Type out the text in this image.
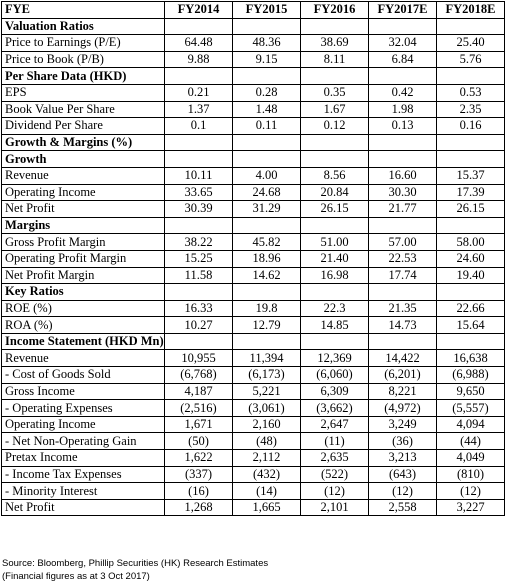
FYE	FY2014	FY2015	FY2016	FY2017E	FY2018E
Valuation Ratios					
Price to Earnings (P/E)	64.48	48.36	38.69	32.04	25.40
Price to Book (P/B)	9.88	9.15	8.11	6.84	5.76
Per Share Data (HKD)					
EPS	0.21	0.28	0.35	0.42	0.53
Book Value Per Share	1.37	1.48	1.67	1.98	2.35
Dividend Per Share	0.1	0.11	0.12	0.13	0.16
Growth & Margins (%)					
Growth					
Revenue	10.11	4.00	8.56	16.60	15.37
Operating Income	33.65	24.68	20.84	30.30	17.39
Net Profit	30.39	31.29	26.15	21.77	26.15
Margins					
Gross Profit Margin	38.22	45.82	51.00	57.00	58.00
Operating Profit Margin	15.25	18.96	21.40	22.53	24.60
Net Profit Margin	11.58	14.62	16.98	17.74	19.40
Key Ratios					
ROE (%)	16.33	19.8	22.3	21.35	22.66
ROA (%)	10.27	12.79	14.85	14.73	15.64
Income Statement (HKD Mn)					
Revenue	10,955	11,394	12,369	14,422	16,638
- Cost of Goods Sold	(6,768)	(6,173)	(6,060)	(6,201)	(6,988)
Gross Income	4,187	5,221	6,309	8,221	9,650
- Operating Expenses	(2,516)	(3,061)	(3,662)	(4,972)	(5,557)
Operating Income	1,671	2,160	2,647	3,249	4,094
- Net Non-Operating Gain	(50)	(48)	(11)	(36)	(44)
Pretax Income	1,622	2,112	2,635	3,213	4,049
- Income Tax Expenses	(337)	(432)	(522)	(643)	(810)
- Minority Interest	(16)	(14)	(12)	(12)	(12)
Net Profit	1,268	1,665	2,101	2,558	3,227
Source: Bloomberg, Phillip Securities (HK) Research Estimates
(Financial figures as at 3 Oct 2017)
